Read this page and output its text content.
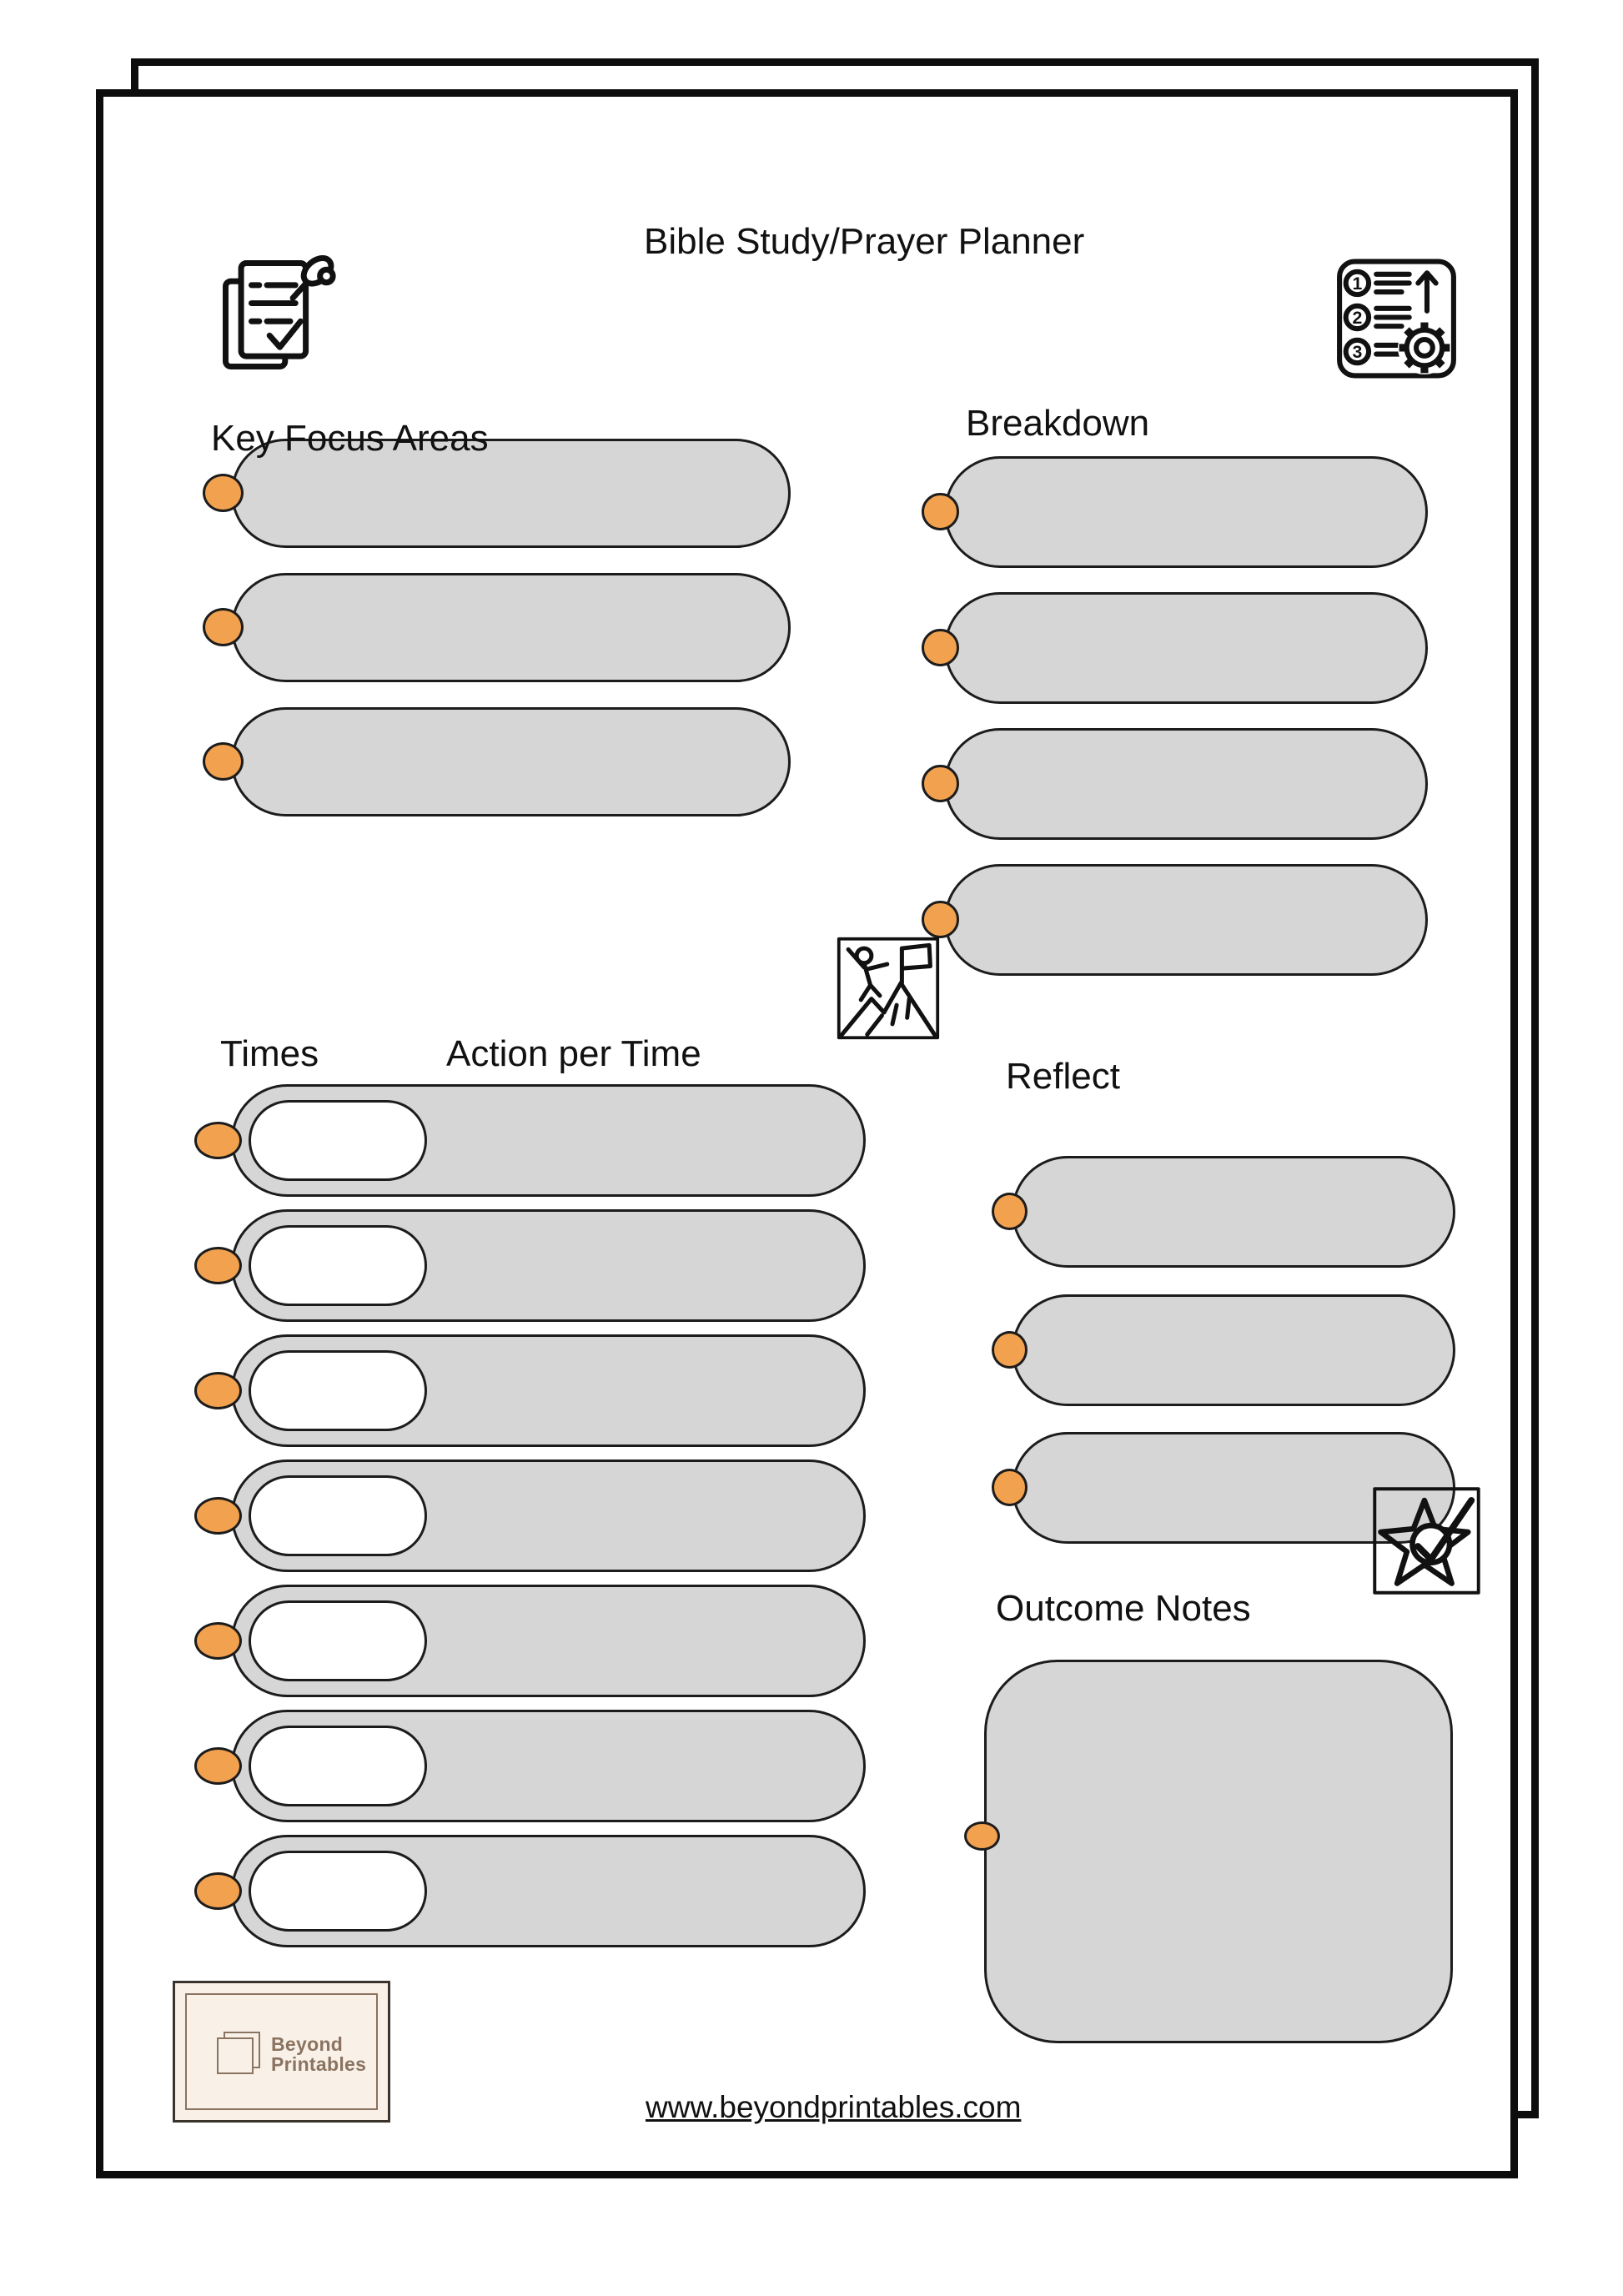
Bible Study/Prayer Planner
1
2
3
Key Focus Areas	Breakdown
Times	Action per Time
Reflect
Outcome Notes
Beyond
Printables
www.beyondprintables.com
